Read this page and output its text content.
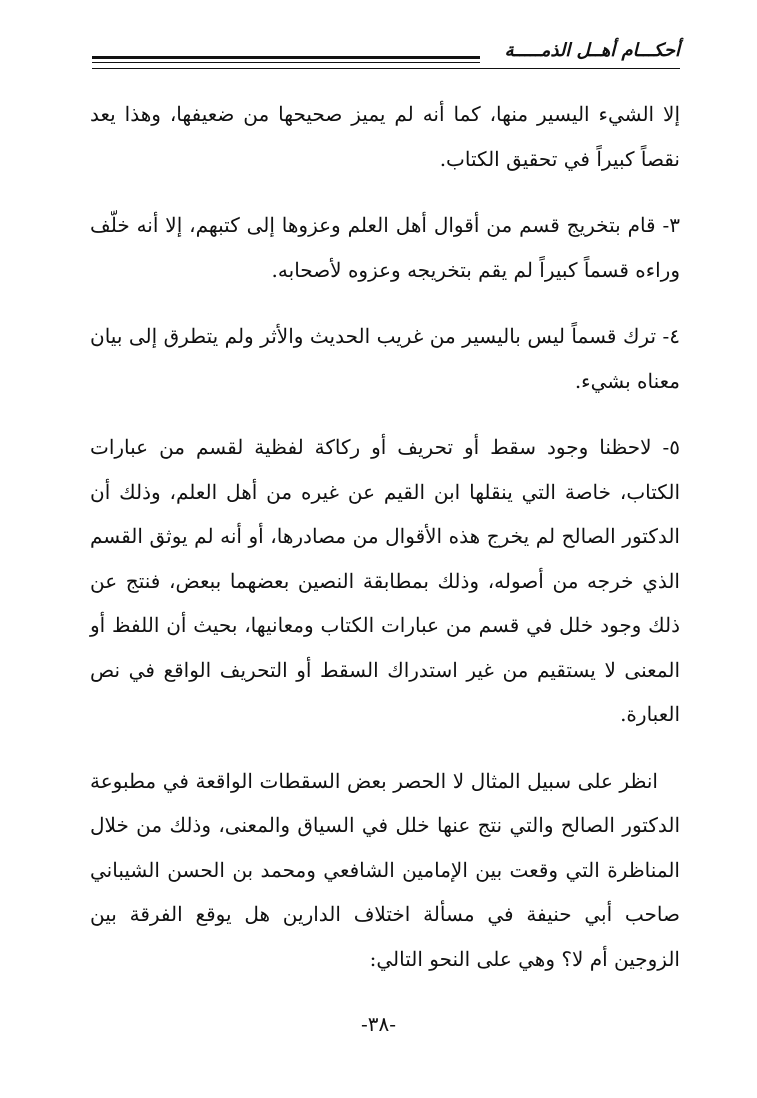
أحكـــام أهــل الذمـــــة

إلا الشيء اليسير منها، كما أنه لم يميز صحيحها من ضعيفها، وهذا يعد نقصاً كبيراً في تحقيق الكتاب.

٣- قام بتخريج قسم من أقوال أهل العلم وعزوها إلى كتبهم، إلا أنه خلّف وراءه قسماً كبيراً لم يقم بتخريجه وعزوه لأصحابه.

٤- ترك قسماً ليس باليسير من غريب الحديث والأثر ولم يتطرق إلى بيان معناه بشيء.

٥- لاحظنا وجود سقط أو تحريف أو ركاكة لفظية لقسم من عبارات الكتاب، خاصة التي ينقلها ابن القيم عن غيره من أهل العلم، وذلك أن الدكتور الصالح لم يخرج هذه الأقوال من مصادرها، أو أنه لم يوثق القسم الذي خرجه من أصوله، وذلك بمطابقة النصين بعضهما ببعض، فنتج عن ذلك وجود خلل في قسم من عبارات الكتاب ومعانيها، بحيث أن اللفظ أو المعنى لا يستقيم من غير استدراك السقط أو التحريف الواقع في نص العبارة.

انظر على سبيل المثال لا الحصر بعض السقطات الواقعة في مطبوعة الدكتور الصالح والتي نتج عنها خلل في السياق والمعنى، وذلك من خلال المناظرة التي وقعت بين الإمامين الشافعي ومحمد بن الحسن الشيباني صاحب أبي حنيفة في مسألة اختلاف الدارين هل يوقع الفرقة بين الزوجين أم لا؟ وهي على النحو التالي:

-٣٨-
